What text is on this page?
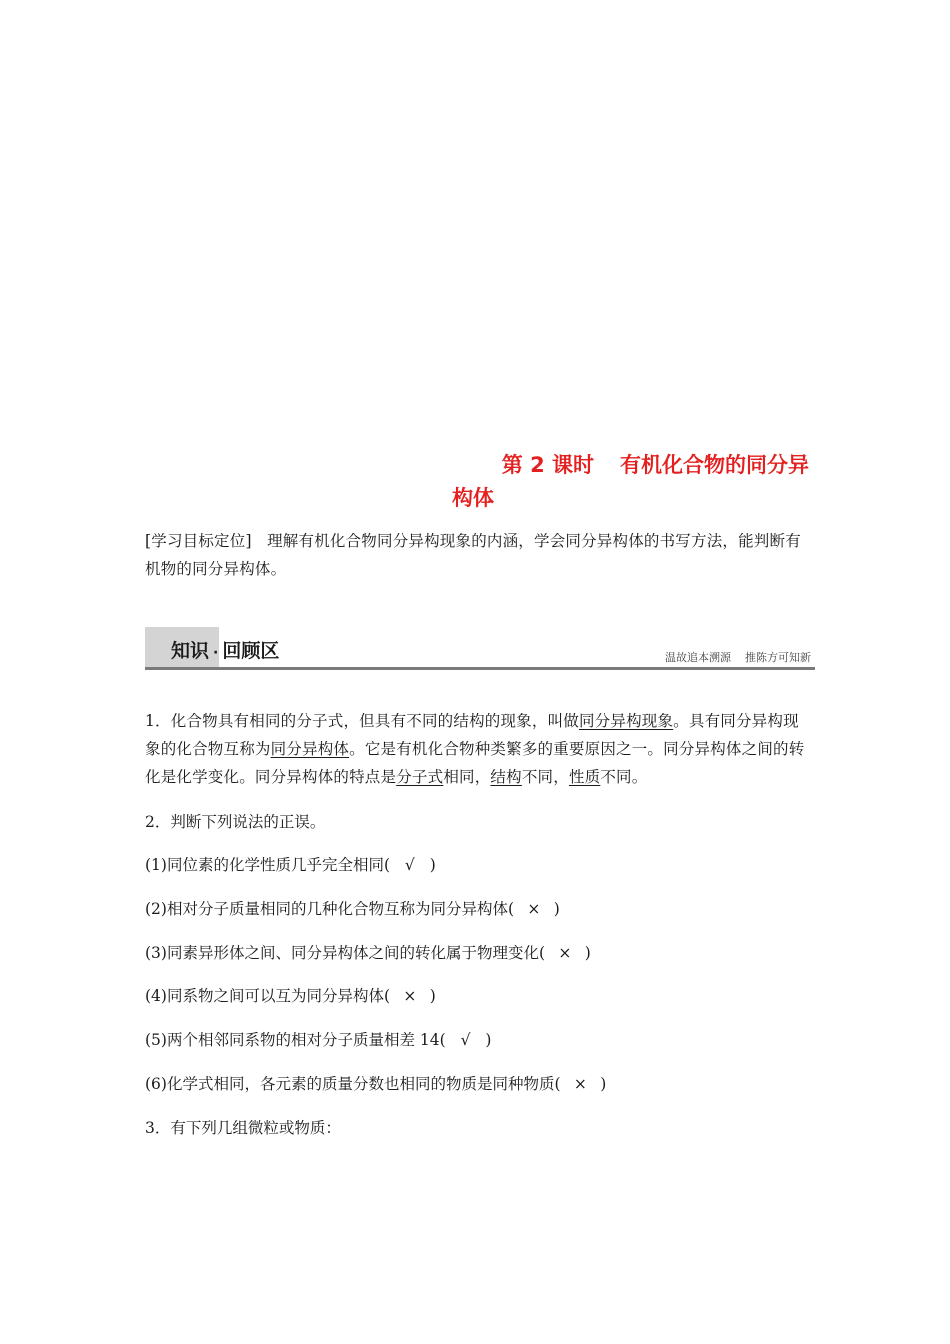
第 2 课时 有机化合物的同分异
构体
[学习目标定位] 理解有机化合物同分异构现象的内涵，学会同分异构体的书写方法，能判断有机物的同分异构体。
知识 · 回顾区	温故追本溯源 推陈方可知新
1．化合物具有相同的分子式，但具有不同的结构的现象，叫做同分异构现象。具有同分异构现象的化合物互称为同分异构体。它是有机化合物种类繁多的重要原因之一。同分异构体之间的转化是化学变化。同分异构体的特点是分子式相同，结构不同，性质不同。
2．判断下列说法的正误。
(1)同位素的化学性质几乎完全相同( √ )
(2)相对分子质量相同的几种化合物互称为同分异构体( × )
(3)同素异形体之间、同分异构体之间的转化属于物理变化( × )
(4)同系物之间可以互为同分异构体( × )
(5)两个相邻同系物的相对分子质量相差 14( √ )
(6)化学式相同，各元素的质量分数也相同的物质是同种物质( × )
3．有下列几组微粒或物质：
